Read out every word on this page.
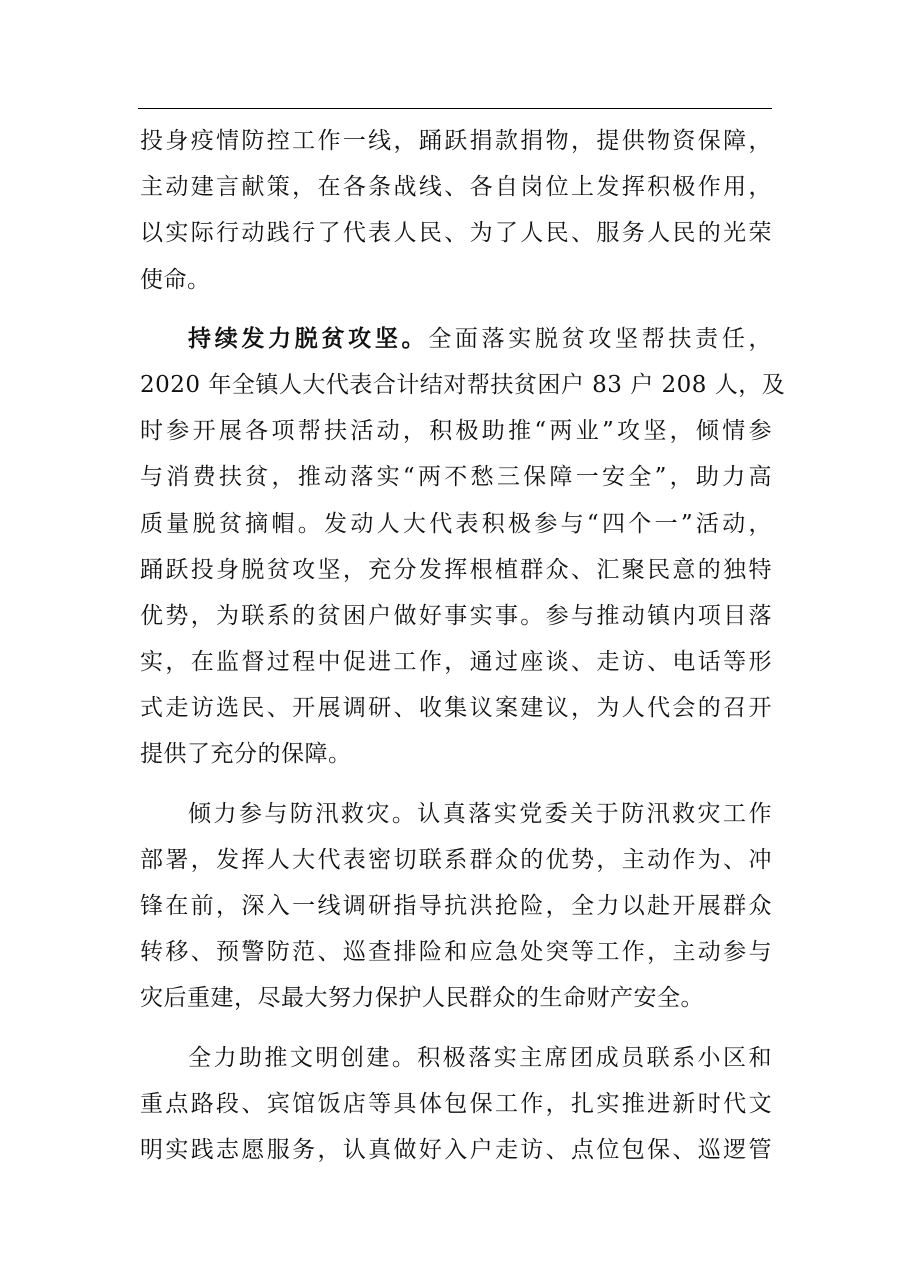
投身疫情防控工作一线，踊跃捐款捐物，提供物资保障，
主动建言献策，在各条战线、各自岗位上发挥积极作用，
以实际行动践行了代表人民、为了人民、服务人民的光荣
使命。
持续发力脱贫攻坚。全面落实脱贫攻坚帮扶责任，
2020 年全镇人大代表合计结对帮扶贫困户 83 户 208 人，及
时参开展各项帮扶活动，积极助推“两业”攻坚，倾情参
与消费扶贫，推动落实“两不愁三保障一安全”，助力高
质量脱贫摘帽。发动人大代表积极参与“四个一”活动，
踊跃投身脱贫攻坚，充分发挥根植群众、汇聚民意的独特
优势，为联系的贫困户做好事实事。参与推动镇内项目落
实，在监督过程中促进工作，通过座谈、走访、电话等形
式走访选民、开展调研、收集议案建议，为人代会的召开
提供了充分的保障。
倾力参与防汛救灾。认真落实党委关于防汛救灾工作
部署，发挥人大代表密切联系群众的优势，主动作为、冲
锋在前，深入一线调研指导抗洪抢险，全力以赴开展群众
转移、预警防范、巡查排险和应急处突等工作，主动参与
灾后重建，尽最大努力保护人民群众的生命财产安全。
全力助推文明创建。积极落实主席团成员联系小区和
重点路段、宾馆饭店等具体包保工作，扎实推进新时代文
明实践志愿服务，认真做好入户走访、点位包保、巡逻管
